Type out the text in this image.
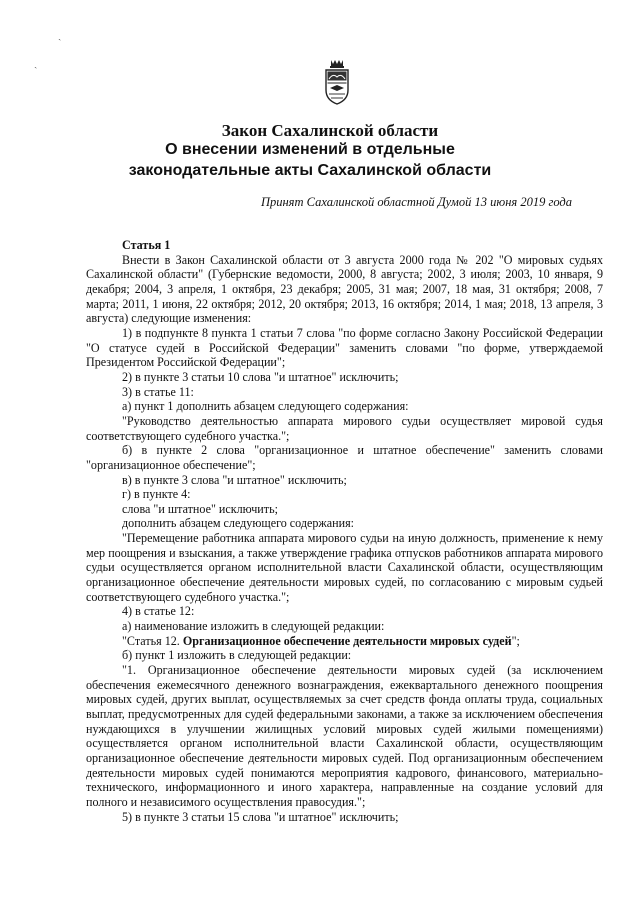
ˎ
ˎ
Закон Сахалинской области
О внесении изменений в отдельные
законодательные акты Сахалинской области
Принят Сахалинской областной Думой 13 июня 2019 года

Статья 1

Внести в Закон Сахалинской области от 3 августа 2000 года № 202 "О мировых судьях Сахалинской области" (Губернские ведомости, 2000, 8 августа; 2002, 3 июля; 2003, 10 января, 9 декабря; 2004, 3 апреля, 1 октября, 23 декабря; 2005, 31 мая; 2007, 18 мая, 31 октября; 2008, 7 марта; 2011, 1 июня, 22 октября; 2012, 20 октября; 2013, 16 октября; 2014, 1 мая; 2018, 13 апреля, 3 августа) следующие изменения:

1) в подпункте 8 пункта 1 статьи 7 слова "по форме согласно Закону Российской Федерации "О статусе судей в Российской Федерации" заменить словами "по форме, утверждаемой Президентом Российской Федерации";

2) в пункте 3 статьи 10 слова "и штатное" исключить;

3) в статье 11:

а) пункт 1 дополнить абзацем следующего содержания:

"Руководство деятельностью аппарата мирового судьи осуществляет мировой судья соответствующего судебного участка.";

б) в пункте 2 слова "организационное и штатное обеспечение" заменить словами "организационное обеспечение";

в) в пункте 3 слова "и штатное" исключить;

г) в пункте 4:

слова "и штатное" исключить;

дополнить абзацем следующего содержания:

"Перемещение работника аппарата мирового судьи на иную должность, применение к нему мер поощрения и взыскания, а также утверждение графика отпусков работников аппарата мирового судьи осуществляется органом исполнительной власти Сахалинской области, осуществляющим организационное обеспечение деятельности мировых судей, по согласованию с мировым судьей соответствующего судебного участка.";

4) в статье 12:

а) наименование изложить в следующей редакции:

"Статья 12. Организационное обеспечение деятельности мировых судей";

б) пункт 1 изложить в следующей редакции:

"1. Организационное обеспечение деятельности мировых судей (за исключением обеспечения ежемесячного денежного вознаграждения, ежеквартального денежного поощрения мировых судей, других выплат, осуществляемых за счет средств фонда оплаты труда, социальных выплат, предусмотренных для судей федеральными законами, а также за исключением обеспечения нуждающихся в улучшении жилищных условий мировых судей жилыми помещениями) осуществляется органом исполнительной власти Сахалинской области, осуществляющим организационное обеспечение деятельности мировых судей. Под организационным обеспечением деятельности мировых судей понимаются мероприятия кадрового, финансового, материально-технического, информационного и иного характера, направленные на создание условий для полного и независимого осуществления правосудия.";

5) в пункте 3 статьи 15 слова "и штатное" исключить;
